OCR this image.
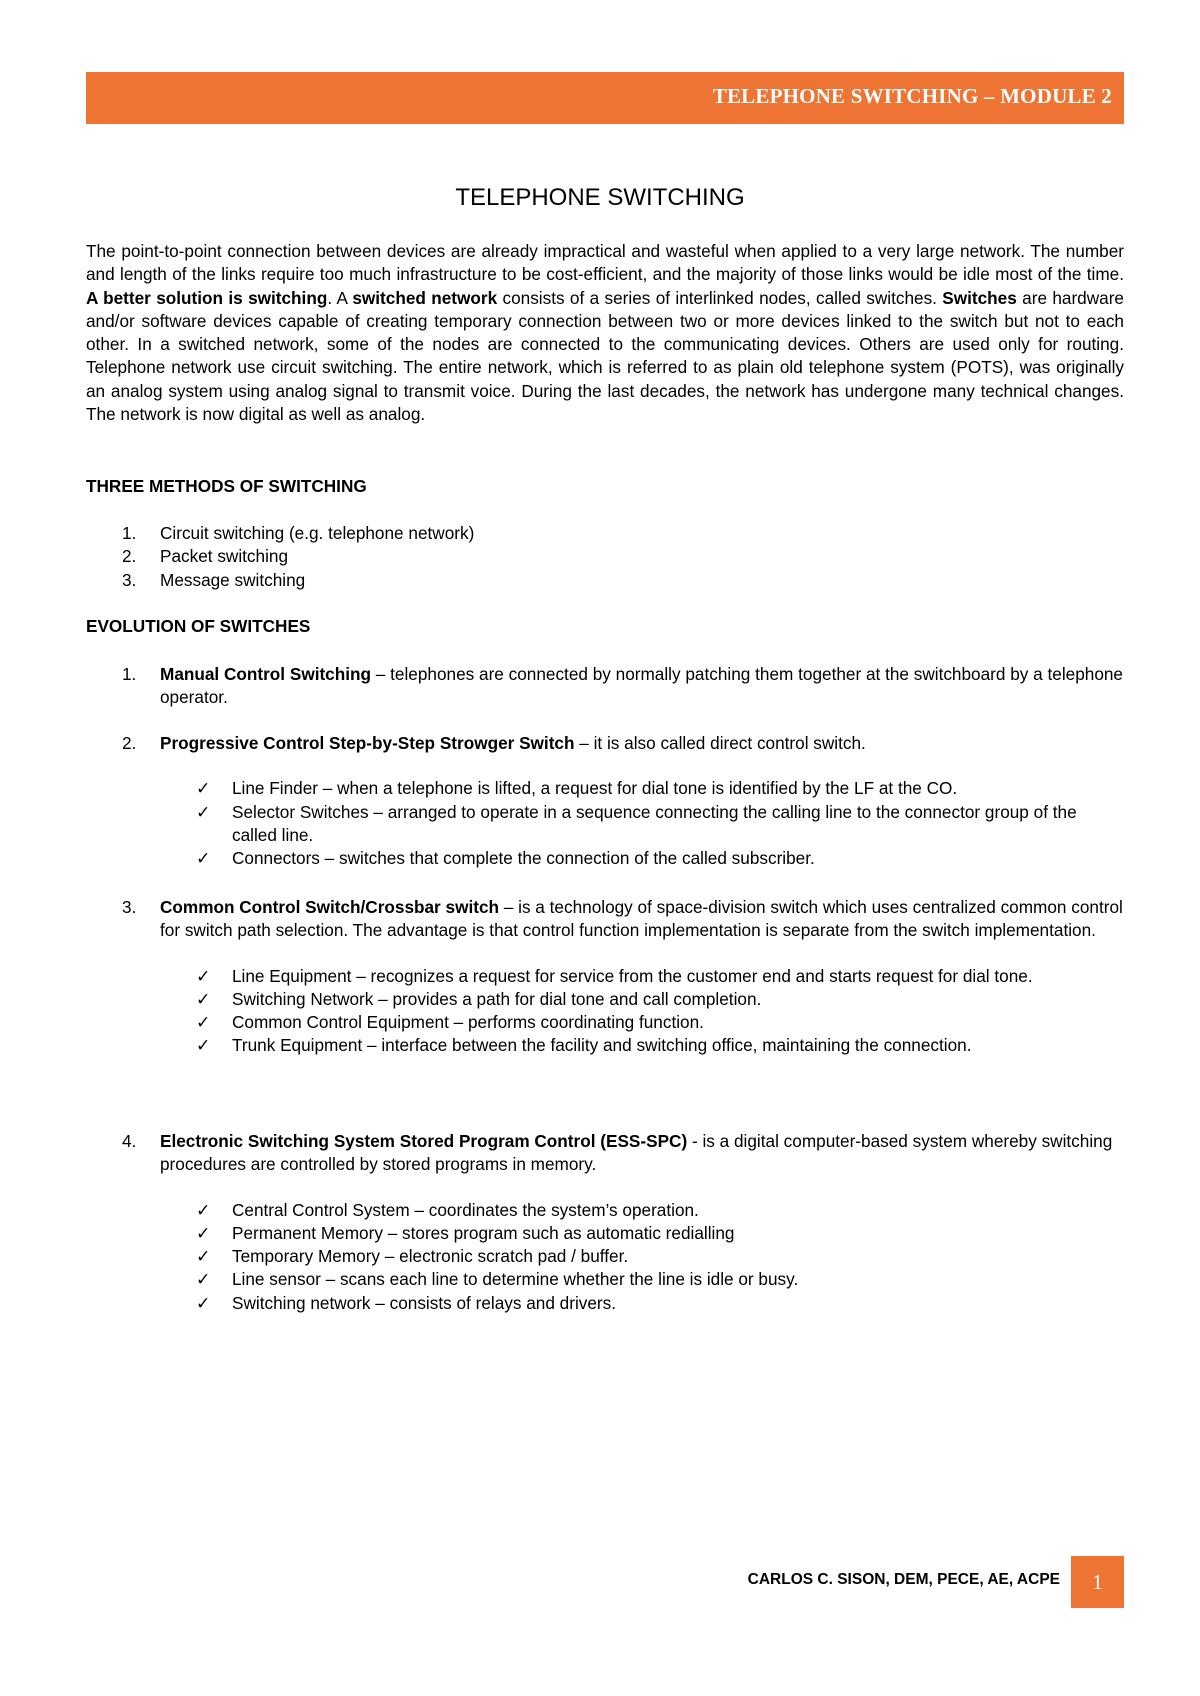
TELEPHONE SWITCHING – MODULE 2
TELEPHONE SWITCHING

The point-to-point connection between devices are already impractical and wasteful when applied to a very large network. The number and length of the links require too much infrastructure to be cost-efficient, and the majority of those links would be idle most of the time. A better solution is switching. A switched network consists of a series of interlinked nodes, called switches. Switches are hardware and/or software devices capable of creating temporary connection between two or more devices linked to the switch but not to each other. In a switched network, some of the nodes are connected to the communicating devices. Others are used only for routing. Telephone network use circuit switching. The entire network, which is referred to as plain old telephone system (POTS), was originally an analog system using analog signal to transmit voice. During the last decades, the network has undergone many technical changes. The network is now digital as well as analog.

THREE METHODS OF SWITCHING
1. Circuit switching (e.g. telephone network)
2. Packet switching
3. Message switching
EVOLUTION OF SWITCHES
1. Manual Control Switching – telephones are connected by normally patching them together at the switchboard by a telephone operator.
2. Progressive Control Step-by-Step Strowger Switch – it is also called direct control switch.
✓ Line Finder – when a telephone is lifted, a request for dial tone is identified by the LF at the CO.
✓ Selector Switches – arranged to operate in a sequence connecting the calling line to the connector group of the called line.
✓ Connectors – switches that complete the connection of the called subscriber.
3. Common Control Switch/Crossbar switch – is a technology of space-division switch which uses centralized common control for switch path selection. The advantage is that control function implementation is separate from the switch implementation.
✓ Line Equipment – recognizes a request for service from the customer end and starts request for dial tone.
✓ Switching Network – provides a path for dial tone and call completion.
✓ Common Control Equipment – performs coordinating function.
✓ Trunk Equipment – interface between the facility and switching office, maintaining the connection.
4. Electronic Switching System Stored Program Control (ESS-SPC) - is a digital computer-based system whereby switching procedures are controlled by stored programs in memory.
✓ Central Control System – coordinates the system’s operation.
✓ Permanent Memory – stores program such as automatic redialling
✓ Temporary Memory – electronic scratch pad / buffer.
✓ Line sensor – scans each line to determine whether the line is idle or busy.
✓ Switching network – consists of relays and drivers.
CARLOS C. SISON, DEM, PECE, AE, ACPE	1
